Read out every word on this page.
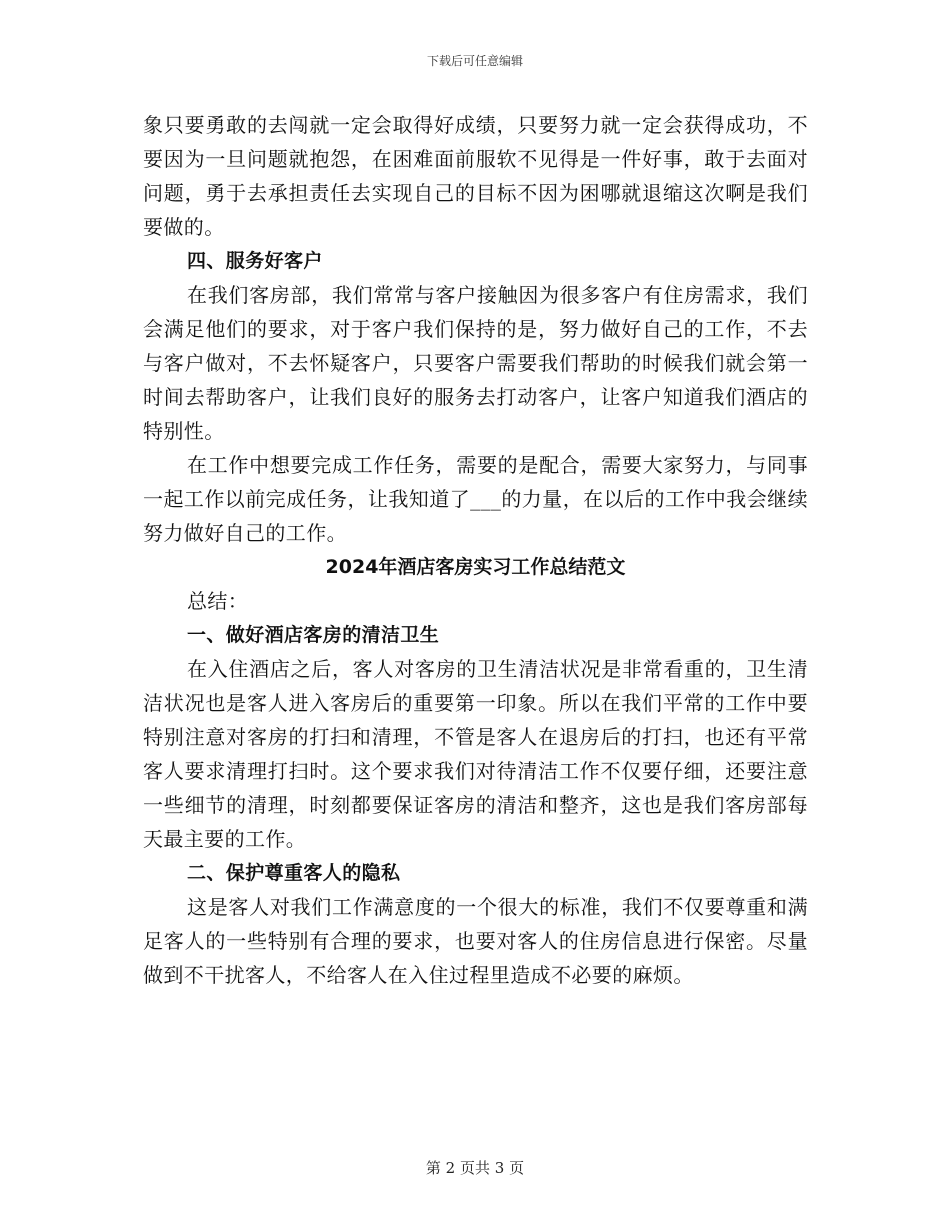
下载后可任意编辑

象只要勇敢的去闯就一定会取得好成绩，只要努力就一定会获得成功，不要因为一旦问题就抱怨，在困难面前服软不见得是一件好事，敢于去面对问题，勇于去承担责任去实现自己的目标不因为困哪就退缩这次啊是我们要做的。

四、服务好客户

在我们客房部，我们常常与客户接触因为很多客户有住房需求，我们会满足他们的要求，对于客户我们保持的是，努力做好自己的工作，不去与客户做对，不去怀疑客户，只要客户需要我们帮助的时候我们就会第一时间去帮助客户，让我们良好的服务去打动客户，让客户知道我们酒店的特别性。

在工作中想要完成工作任务，需要的是配合，需要大家努力，与同事一起工作以前完成任务，让我知道了___的力量，在以后的工作中我会继续努力做好自己的工作。

2024年酒店客房实习工作总结范文

总结：

一、做好酒店客房的清洁卫生

在入住酒店之后，客人对客房的卫生清洁状况是非常看重的，卫生清洁状况也是客人进入客房后的重要第一印象。所以在我们平常的工作中要特别注意对客房的打扫和清理，不管是客人在退房后的打扫，也还有平常客人要求清理打扫时。这个要求我们对待清洁工作不仅要仔细，还要注意一些细节的清理，时刻都要保证客房的清洁和整齐，这也是我们客房部每天最主要的工作。

二、保护尊重客人的隐私

这是客人对我们工作满意度的一个很大的标准，我们不仅要尊重和满足客人的一些特别有合理的要求，也要对客人的住房信息进行保密。尽量做到不干扰客人，不给客人在入住过程里造成不必要的麻烦。

第 2 页共 3 页
